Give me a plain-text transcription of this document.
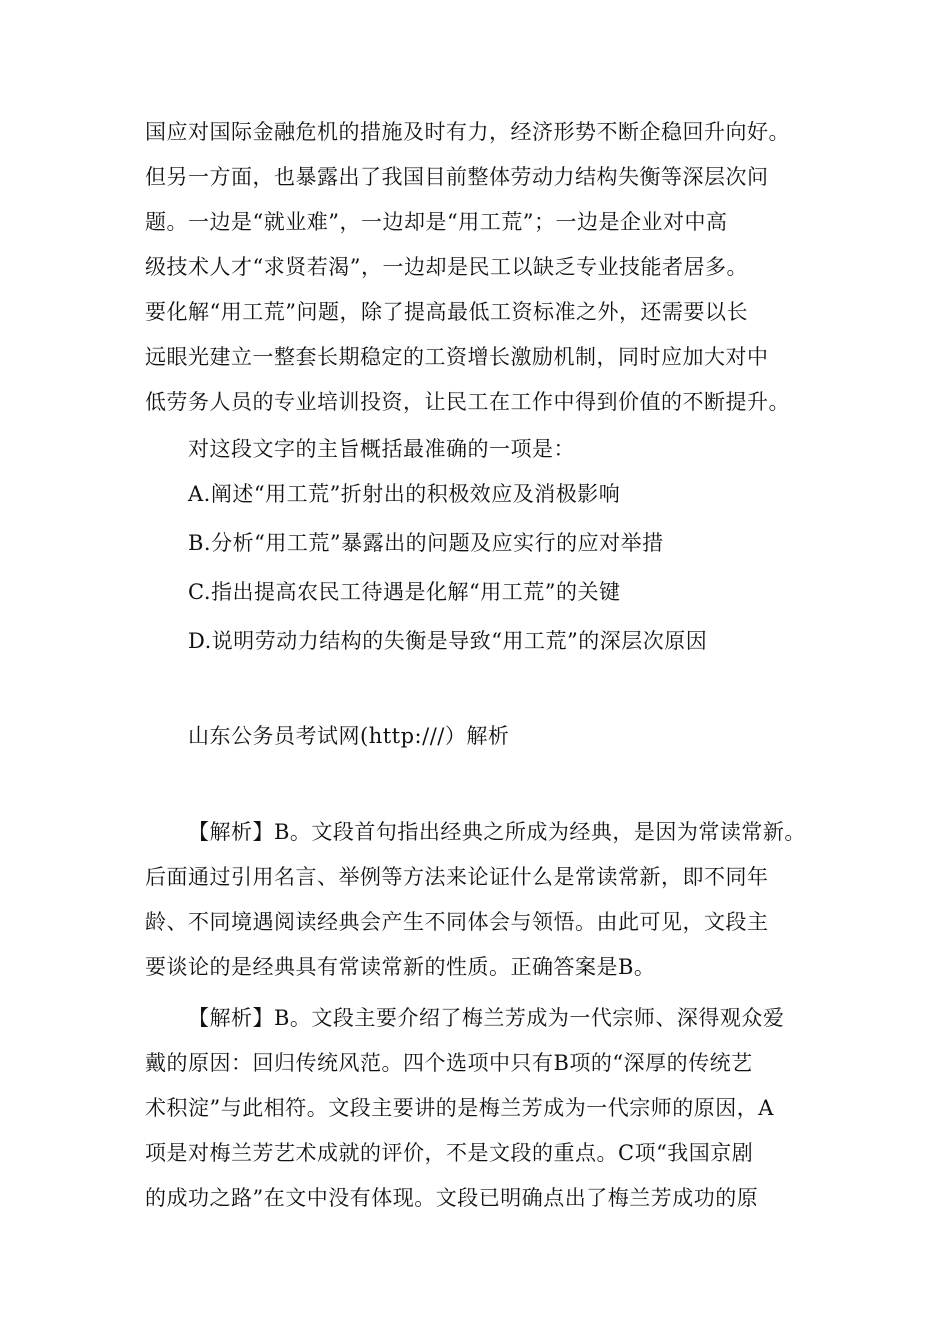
国应对国际金融危机的措施及时有力，经济形势不断企稳回升向好。
但另一方面，也暴露出了我国目前整体劳动力结构失衡等深层次问
题。一边是“就业难”，一边却是“用工荒”；一边是企业对中高
级技术人才“求贤若渴”，一边却是民工以缺乏专业技能者居多。
要化解“用工荒”问题，除了提高最低工资标准之外，还需要以长
远眼光建立一整套长期稳定的工资增长激励机制，同时应加大对中
低劳务人员的专业培训投资，让民工在工作中得到价值的不断提升。
对这段文字的主旨概括最准确的一项是：
A.阐述“用工荒”折射出的积极效应及消极影响
B.分析“用工荒”暴露出的问题及应实行的应对举措
C.指出提高农民工待遇是化解“用工荒”的关键
D.说明劳动力结构的失衡是导致“用工荒”的深层次原因
山东公务员考试网(http:///）解析
【解析】B。文段首句指出经典之所成为经典，是因为常读常新。
后面通过引用名言、举例等方法来论证什么是常读常新，即不同年
龄、不同境遇阅读经典会产生不同体会与领悟。由此可见，文段主
要谈论的是经典具有常读常新的性质。正确答案是B。
【解析】B。文段主要介绍了梅兰芳成为一代宗师、深得观众爱
戴的原因：回归传统风范。四个选项中只有B项的“深厚的传统艺
术积淀”与此相符。文段主要讲的是梅兰芳成为一代宗师的原因，A
项是对梅兰芳艺术成就的评价，不是文段的重点。C项“我国京剧
的成功之路”在文中没有体现。文段已明确点出了梅兰芳成功的原
